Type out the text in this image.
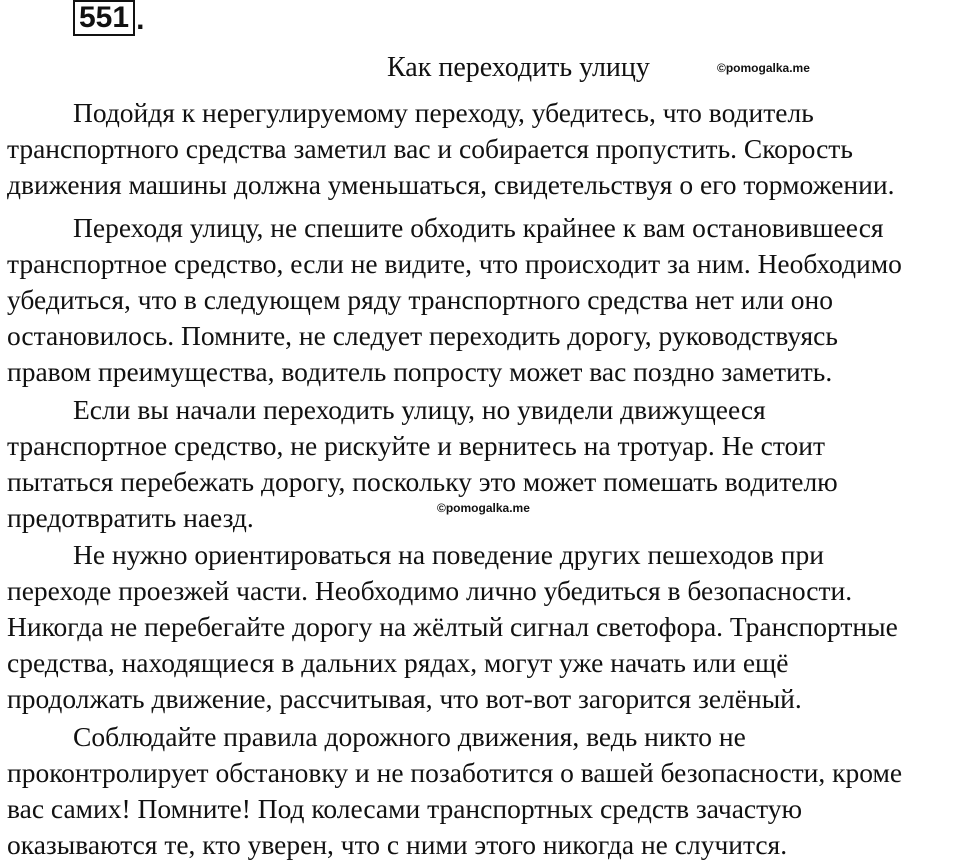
551 .
Как переходить улицу	©pomogalka.me
Подойдя к нерегулируемому переходу, убедитесь, что водитель
транспортного средства заметил вас и собирается пропустить. Скорость
движения машины должна уменьшаться, свидетельствуя о его торможении.
Переходя улицу, не спешите обходить крайнее к вам остановившееся
транспортное средство, если не видите, что происходит за ним. Необходимо
убедиться, что в следующем ряду транспортного средства нет или оно
остановилось. Помните, не следует переходить дорогу, руководствуясь
правом преимущества, водитель попросту может вас поздно заметить.
Если вы начали переходить улицу, но увидели движущееся
транспортное средство, не рискуйте и вернитесь на тротуар. Не стоит
пытаться перебежать дорогу, поскольку это может помешать водителю
предотвратить наезд.	©pomogalka.me
Не нужно ориентироваться на поведение других пешеходов при
переходе проезжей части. Необходимо лично убедиться в безопасности.
Никогда не перебегайте дорогу на жёлтый сигнал светофора. Транспортные
средства, находящиеся в дальних рядах, могут уже начать или ещё
продолжать движение, рассчитывая, что вот-вот загорится зелёный.
Соблюдайте правила дорожного движения, ведь никто не
проконтролирует обстановку и не позаботится о вашей безопасности, кроме
вас самих! Помните! Под колесами транспортных средств зачастую
оказываются те, кто уверен, что с ними этого никогда не случится.
